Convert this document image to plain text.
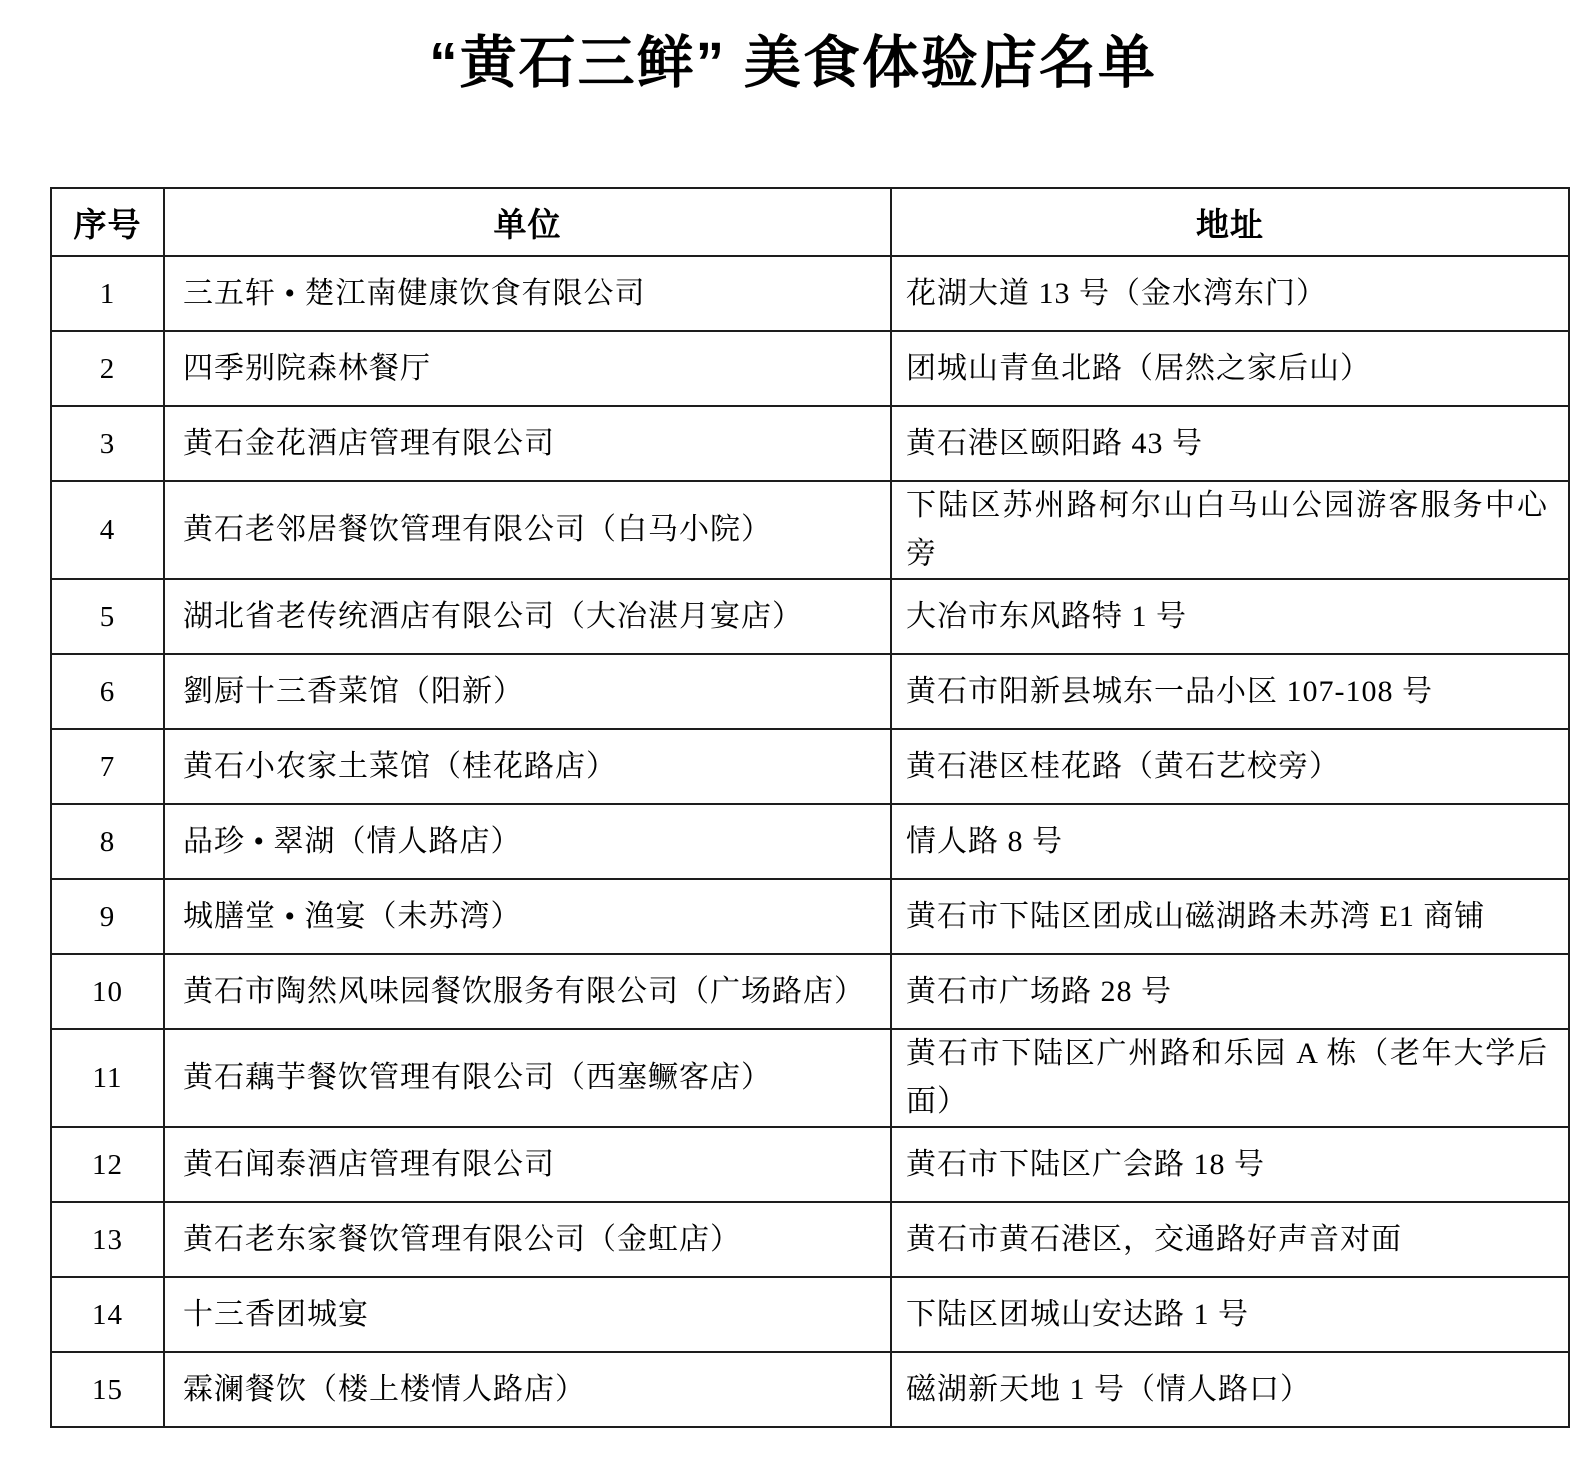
“黄石三鲜” 美食体验店名单
序号	单位	地址
1	三五轩 • 楚江南健康饮食有限公司	花湖大道 13 号（金水湾东门）
2	四季别院森林餐厅	团城山青鱼北路（居然之家后山）
3	黄石金花酒店管理有限公司	黄石港区颐阳路 43 号
4	黄石老邻居餐饮管理有限公司（白马小院）	下陆区苏州路柯尔山白马山公园游客服务中心旁
5	湖北省老传统酒店有限公司（大冶湛月宴店）	大冶市东风路特 1 号
6	劉厨十三香菜馆（阳新）	黄石市阳新县城东一品小区 107-108 号
7	黄石小农家土菜馆（桂花路店）	黄石港区桂花路（黄石艺校旁）
8	品珍 • 翠湖（情人路店）	情人路 8 号
9	城膳堂 • 渔宴（未苏湾）	黄石市下陆区团成山磁湖路未苏湾 E1 商铺
10	黄石市陶然风味园餐饮服务有限公司（广场路店）	黄石市广场路 28 号
11	黄石藕芋餐饮管理有限公司（西塞鳜客店）	黄石市下陆区广州路和乐园 A 栋（老年大学后面）
12	黄石闻泰酒店管理有限公司	黄石市下陆区广会路 18 号
13	黄石老东家餐饮管理有限公司（金虹店）	黄石市黄石港区，交通路好声音对面
14	十三香团城宴	下陆区团城山安达路 1 号
15	霖澜餐饮（楼上楼情人路店）	磁湖新天地 1 号（情人路口）
